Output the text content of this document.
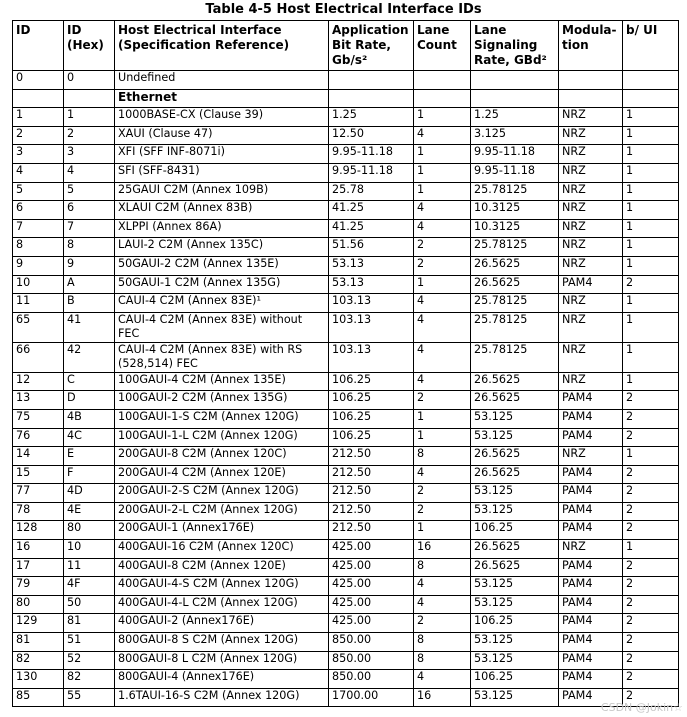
Table 4-5 Host Electrical Interface IDs
ID	ID (Hex)	Host Electrical Interface (Specification Reference)	Application Bit Rate, Gb/s²	Lane Count	Lane Signaling Rate, GBd²	Modula-tion	b/ UI
0	0	Undefined					
		Ethernet					
1	1	1000BASE-CX (Clause 39)	1.25	1	1.25	NRZ	1
2	2	XAUI (Clause 47)	12.50	4	3.125	NRZ	1
3	3	XFI (SFF INF-8071i)	9.95-11.18	1	9.95-11.18	NRZ	1
4	4	SFI (SFF-8431)	9.95-11.18	1	9.95-11.18	NRZ	1
5	5	25GAUI C2M (Annex 109B)	25.78	1	25.78125	NRZ	1
6	6	XLAUI C2M (Annex 83B)	41.25	4	10.3125	NRZ	1
7	7	XLPPI (Annex 86A)	41.25	4	10.3125	NRZ	1
8	8	LAUI-2 C2M (Annex 135C)	51.56	2	25.78125	NRZ	1
9	9	50GAUI-2 C2M (Annex 135E)	53.13	2	26.5625	NRZ	1
10	A	50GAUI-1 C2M (Annex 135G)	53.13	1	26.5625	PAM4	2
11	B	CAUI-4 C2M (Annex 83E)¹	103.13	4	25.78125	NRZ	1
65	41	CAUI-4 C2M (Annex 83E) without FEC	103.13	4	25.78125	NRZ	1
66	42	CAUI-4 C2M (Annex 83E) with RS (528,514) FEC	103.13	4	25.78125	NRZ	1
12	C	100GAUI-4 C2M (Annex 135E)	106.25	4	26.5625	NRZ	1
13	D	100GAUI-2 C2M (Annex 135G)	106.25	2	26.5625	PAM4	2
75	4B	100GAUI-1-S C2M (Annex 120G)	106.25	1	53.125	PAM4	2
76	4C	100GAUI-1-L C2M (Annex 120G)	106.25	1	53.125	PAM4	2
14	E	200GAUI-8 C2M (Annex 120C)	212.50	8	26.5625	NRZ	1
15	F	200GAUI-4 C2M (Annex 120E)	212.50	4	26.5625	PAM4	2
77	4D	200GAUI-2-S C2M (Annex 120G)	212.50	2	53.125	PAM4	2
78	4E	200GAUI-2-L C2M (Annex 120G)	212.50	2	53.125	PAM4	2
128	80	200GAUI-1 (Annex176E)	212.50	1	106.25	PAM4	2
16	10	400GAUI-16 C2M (Annex 120C)	425.00	16	26.5625	NRZ	1
17	11	400GAUI-8 C2M (Annex 120E)	425.00	8	26.5625	PAM4	2
79	4F	400GAUI-4-S C2M (Annex 120G)	425.00	4	53.125	PAM4	2
80	50	400GAUI-4-L C2M (Annex 120G)	425.00	4	53.125	PAM4	2
129	81	400GAUI-2 (Annex176E)	425.00	2	106.25	PAM4	2
81	51	800GAUI-8 S C2M (Annex 120G)	850.00	8	53.125	PAM4	2
82	52	800GAUI-8 L C2M (Annex 120G)	850.00	8	53.125	PAM4	2
130	82	800GAUI-4 (Annex176E)	850.00	4	106.25	PAM4	2
85	55	1.6TAUI-16-S C2M (Annex 120G)	1700.00	16	53.125	PAM4	2
CSDN @Jokin☆
